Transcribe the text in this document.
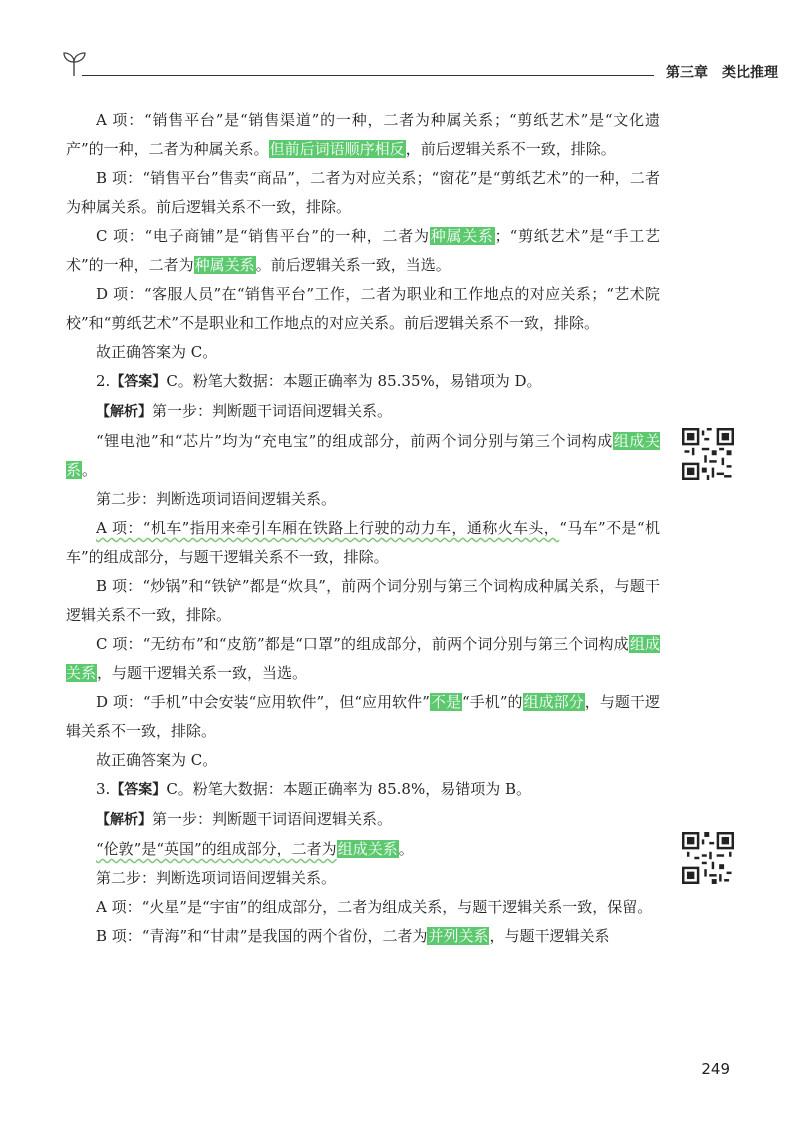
第三章 类比推理

A 项：“销售平台”是“销售渠道”的一种，二者为种属关系；“剪纸艺术”是“文化遗产”的一种，二者为种属关系。但前后词语顺序相反，前后逻辑关系不一致，排除。

B 项：“销售平台”售卖“商品”，二者为对应关系；“窗花”是“剪纸艺术”的一种，二者为种属关系。前后逻辑关系不一致，排除。

C 项：“电子商铺”是“销售平台”的一种，二者为种属关系；“剪纸艺术”是“手工艺术”的一种，二者为种属关系。前后逻辑关系一致，当选。

D 项：“客服人员”在“销售平台”工作，二者为职业和工作地点的对应关系；“艺术院校”和“剪纸艺术”不是职业和工作地点的对应关系。前后逻辑关系不一致，排除。

故正确答案为 C。

2.【答案】C。粉笔大数据：本题正确率为 85.35%，易错项为 D。

【解析】第一步：判断题干词语间逻辑关系。

“锂电池”和“芯片”均为“充电宝”的组成部分，前两个词分别与第三个词构成组成关系。

第二步：判断选项词语间逻辑关系。

A 项：“机车”指用来牵引车厢在铁路上行驶的动力车，通称火车头，“马车”不是“机车”的组成部分，与题干逻辑关系不一致，排除。

B 项：“炒锅”和“铁铲”都是“炊具”，前两个词分别与第三个词构成种属关系，与题干逻辑关系不一致，排除。

C 项：“无纺布”和“皮筋”都是“口罩”的组成部分，前两个词分别与第三个词构成组成关系，与题干逻辑关系一致，当选。

D 项：“手机”中会安装“应用软件”，但“应用软件”不是“手机”的组成部分，与题干逻辑关系不一致，排除。

故正确答案为 C。

3.【答案】C。粉笔大数据：本题正确率为 85.8%，易错项为 B。

【解析】第一步：判断题干词语间逻辑关系。

“伦敦”是“英国”的组成部分，二者为组成关系。

第二步：判断选项词语间逻辑关系。

A 项：“火星”是“宇宙”的组成部分，二者为组成关系，与题干逻辑关系一致，保留。

B 项：“青海”和“甘肃”是我国的两个省份，二者为并列关系，与题干逻辑关系

249
